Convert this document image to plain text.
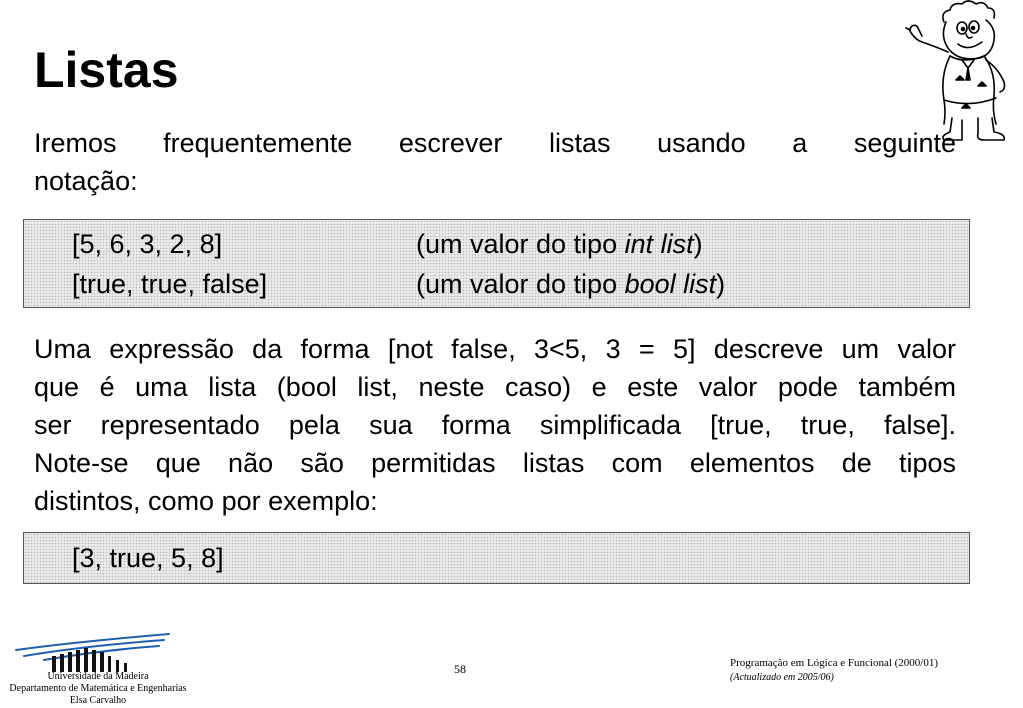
Listas
Iremos frequentemente escrever listas usando a seguinte
notação:
[5, 6, 3, 2, 8]	(um valor do tipo int list)
[true, true, false]	(um valor do tipo bool list)
Uma expressão da forma [not false, 3<5, 3 = 5] descreve um valor
que é uma lista (bool list, neste caso) e este valor pode também
ser representado pela sua forma simplificada [true, true, false].
Note-se que não são permitidas listas com elementos de tipos
distintos, como por exemplo:
[3, true, 5, 8]
Universidade da Madeira
Departamento de Matemática e Engenharias
Elsa Carvalho
58	Programação em Lógica e Funcional (2000/01)
(Actualizado em 2005/06)
